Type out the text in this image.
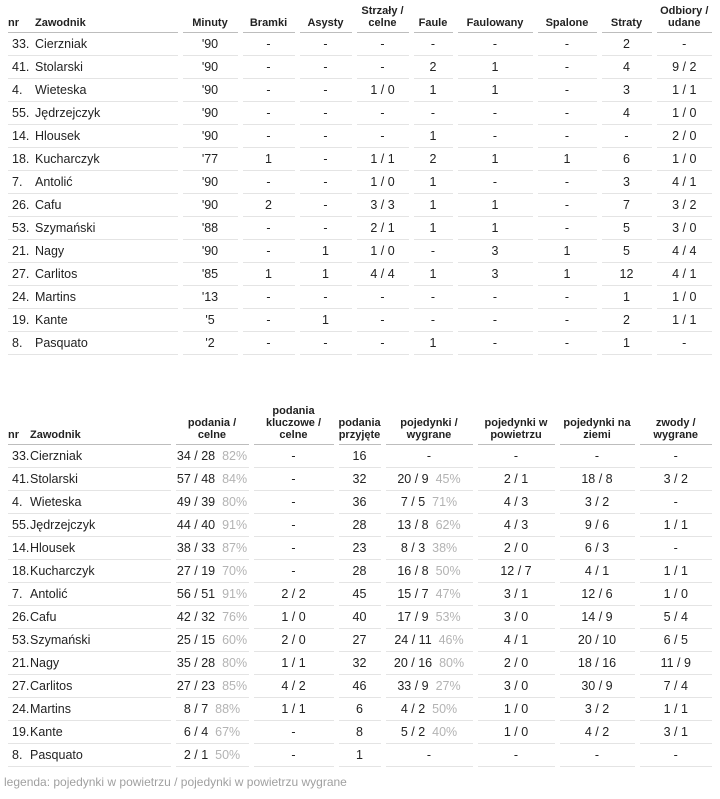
nr	Zawodnik	Minuty	Bramki	Asysty	Strzały / celne	Faule	Faulowany	Spalone	Straty	Odbiory / udane
33.	Cierzniak	'90	-	-	-	-	-	-	2	-
41.	Stolarski	'90	-	-	-	2	1	-	4	9 / 2
4.	Wieteska	'90	-	-	1 / 0	1	1	-	3	1 / 1
55.	Jędrzejczyk	'90	-	-	-	-	-	-	4	1 / 0
14.	Hlousek	'90	-	-	-	1	-	-	-	2 / 0
18.	Kucharczyk	'77	1	-	1 / 1	2	1	1	6	1 / 0
7.	Antolić	'90	-	-	1 / 0	1	-	-	3	4 / 1
26.	Cafu	'90	2	-	3 / 3	1	1	-	7	3 / 2
53.	Szymański	'88	-	-	2 / 1	1	1	-	5	3 / 0
21.	Nagy	'90	-	1	1 / 0	-	3	1	5	4 / 4
27.	Carlitos	'85	1	1	4 / 4	1	3	1	12	4 / 1
24.	Martins	'13	-	-	-	-	-	-	1	1 / 0
19.	Kante	'5	-	1	-	-	-	-	2	1 / 1
8.	Pasquato	'2	-	-	-	1	-	-	1	-
nr	Zawodnik	podania / celne	podania kluczowe / celne	podania przyjęte	pojedynki / wygrane	pojedynki w powietrzu	pojedynki na ziemi	zwody / wygrane
33.	Cierzniak	34 / 28 82%	-	16	-	-	-	-
41.	Stolarski	57 / 48 84%	-	32	20 / 9 45%	2 / 1	18 / 8	3 / 2
4.	Wieteska	49 / 39 80%	-	36	7 / 5 71%	4 / 3	3 / 2	-
55.	Jędrzejczyk	44 / 40 91%	-	28	13 / 8 62%	4 / 3	9 / 6	1 / 1
14.	Hlousek	38 / 33 87%	-	23	8 / 3 38%	2 / 0	6 / 3	-
18.	Kucharczyk	27 / 19 70%	-	28	16 / 8 50%	12 / 7	4 / 1	1 / 1
7.	Antolić	56 / 51 91%	2 / 2	45	15 / 7 47%	3 / 1	12 / 6	1 / 0
26.	Cafu	42 / 32 76%	1 / 0	40	17 / 9 53%	3 / 0	14 / 9	5 / 4
53.	Szymański	25 / 15 60%	2 / 0	27	24 / 11 46%	4 / 1	20 / 10	6 / 5
21.	Nagy	35 / 28 80%	1 / 1	32	20 / 16 80%	2 / 0	18 / 16	11 / 9
27.	Carlitos	27 / 23 85%	4 / 2	46	33 / 9 27%	3 / 0	30 / 9	7 / 4
24.	Martins	8 / 7 88%	1 / 1	6	4 / 2 50%	1 / 0	3 / 2	1 / 1
19.	Kante	6 / 4 67%	-	8	5 / 2 40%	1 / 0	4 / 2	3 / 1
8.	Pasquato	2 / 1 50%	-	1	-	-	-	-
legenda: pojedynki w powietrzu / pojedynki w powietrzu wygrane
